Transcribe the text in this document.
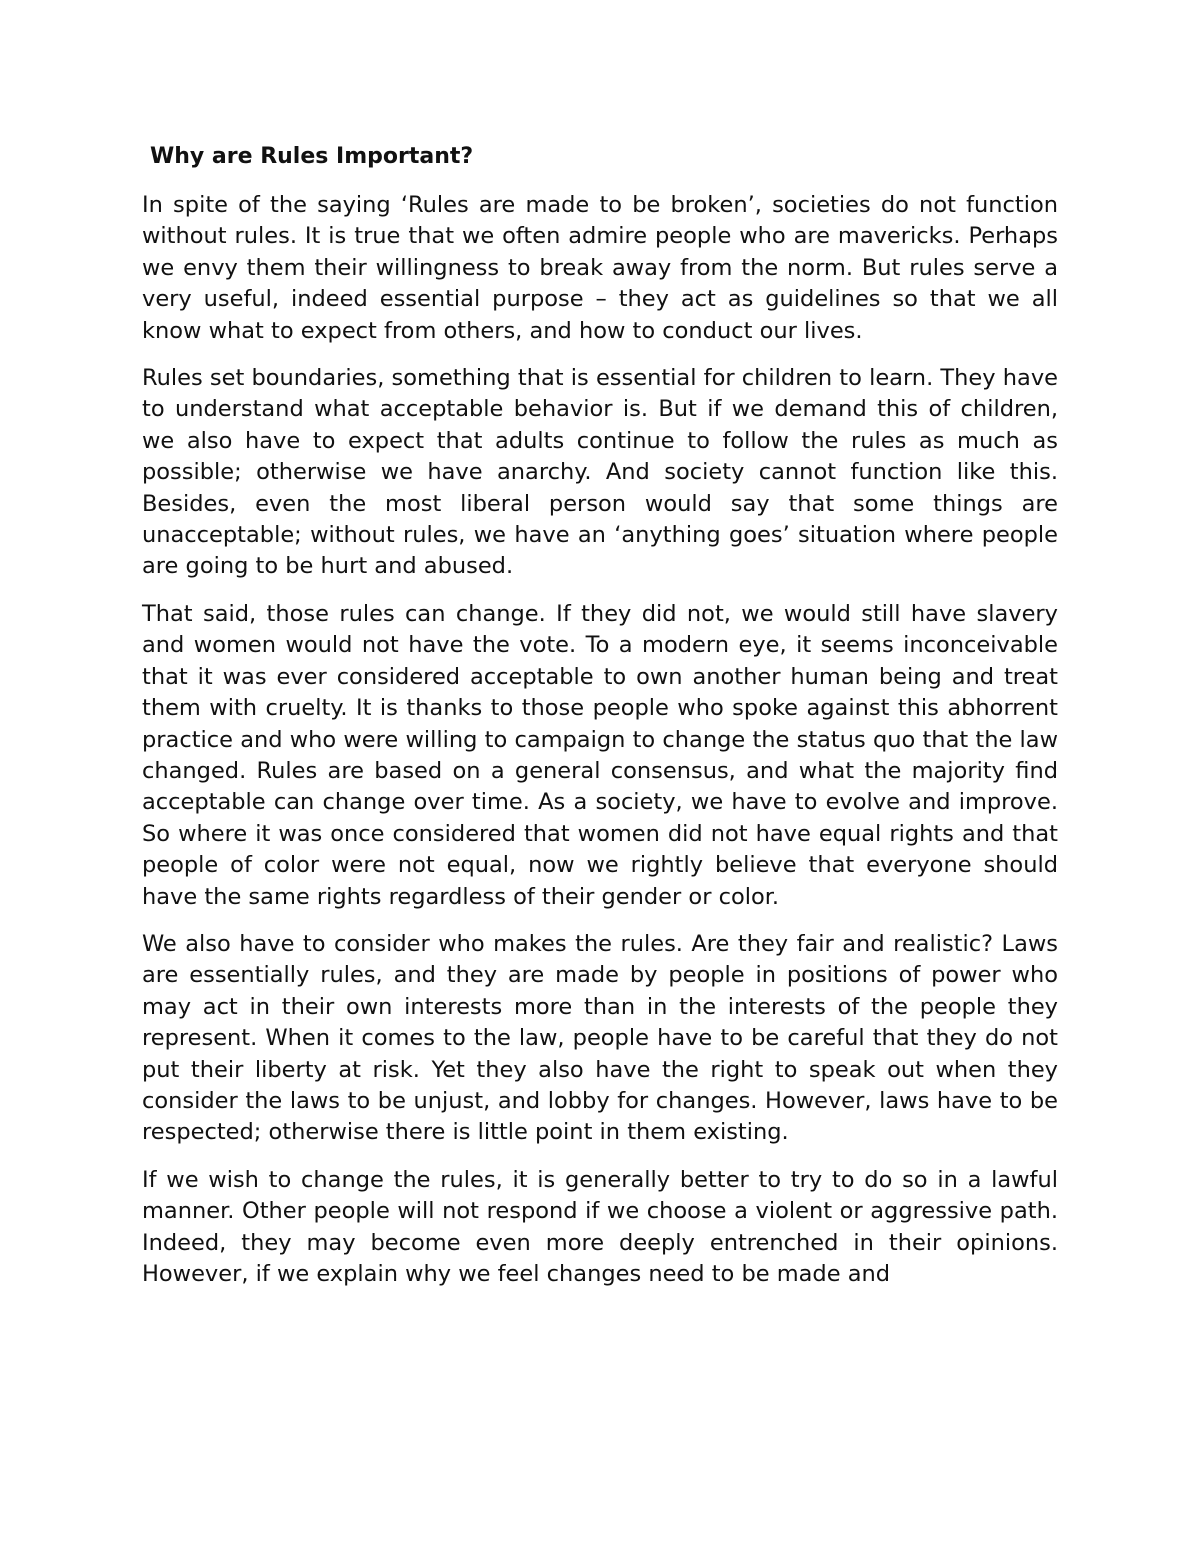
Why are Rules Important?

In spite of the saying ‘Rules are made to be broken’, societies do not function without rules. It is true that we often admire people who are mavericks. Perhaps we envy them their willingness to break away from the norm. But rules serve a very useful, indeed essential purpose – they act as guidelines so that we all know what to expect from others, and how to conduct our lives.

Rules set boundaries, something that is essential for children to learn. They have to understand what acceptable behavior is. But if we demand this of children, we also have to expect that adults continue to follow the rules as much as possible; otherwise we have anarchy. And society cannot function like this. Besides, even the most liberal person would say that some things are unacceptable; without rules, we have an ‘anything goes’ situation where people are going to be hurt and abused.

That said, those rules can change. If they did not, we would still have slavery and women would not have the vote. To a modern eye, it seems inconceivable that it was ever considered acceptable to own another human being and treat them with cruelty. It is thanks to those people who spoke against this abhorrent practice and who were willing to campaign to change the status quo that the law changed. Rules are based on a general consensus, and what the majority find acceptable can change over time. As a society, we have to evolve and improve. So where it was once considered that women did not have equal rights and that people of color were not equal, now we rightly believe that everyone should have the same rights regardless of their gender or color.

We also have to consider who makes the rules. Are they fair and realistic? Laws are essentially rules, and they are made by people in positions of power who may act in their own interests more than in the interests of the people they represent. When it comes to the law, people have to be careful that they do not put their liberty at risk. Yet they also have the right to speak out when they consider the laws to be unjust, and lobby for changes. However, laws have to be respected; otherwise there is little point in them existing.

If we wish to change the rules, it is generally better to try to do so in a lawful manner. Other people will not respond if we choose a violent or aggressive path. Indeed, they may become even more deeply entrenched in their opinions. However, if we explain why we feel changes need to be made and
